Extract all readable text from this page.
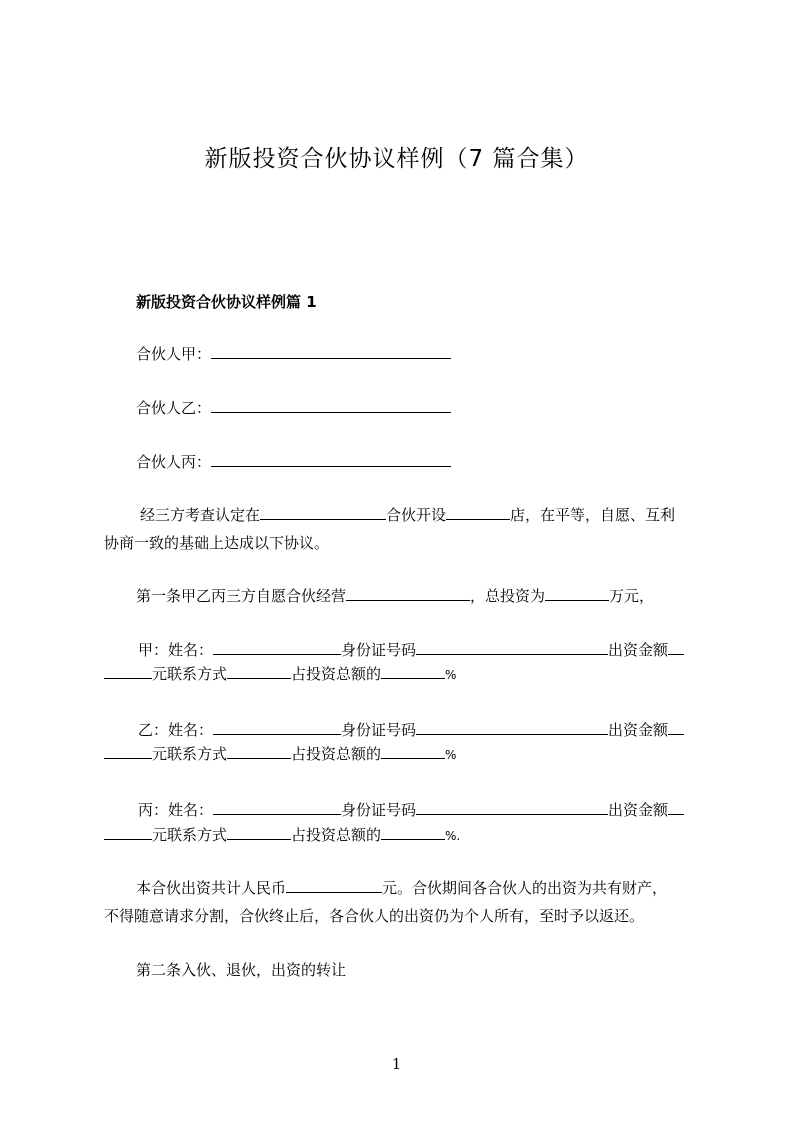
新版投资合伙协议样例（7 篇合集）
新版投资合伙协议样例篇 1
合伙人甲：
合伙人乙：
合伙人丙：
经三方考查认定在	合伙开设	店，在平等，自愿、互利
协商一致的基础上达成以下协议。
第一条甲乙丙三方自愿合伙经营	，总投资为	万元，
甲：姓名：	身份证号码	出资金额
元联系方式	占投资总额的	%
乙：姓名：	身份证号码	出资金额
元联系方式	占投资总额的	%
丙：姓名：	身份证号码	出资金额
元联系方式	占投资总额的	%.
本合伙出资共计人民币	元。合伙期间各合伙人的出资为共有财产，
不得随意请求分割，合伙终止后，各合伙人的出资仍为个人所有，至时予以返还。
第二条入伙、退伙，出资的转让
1
